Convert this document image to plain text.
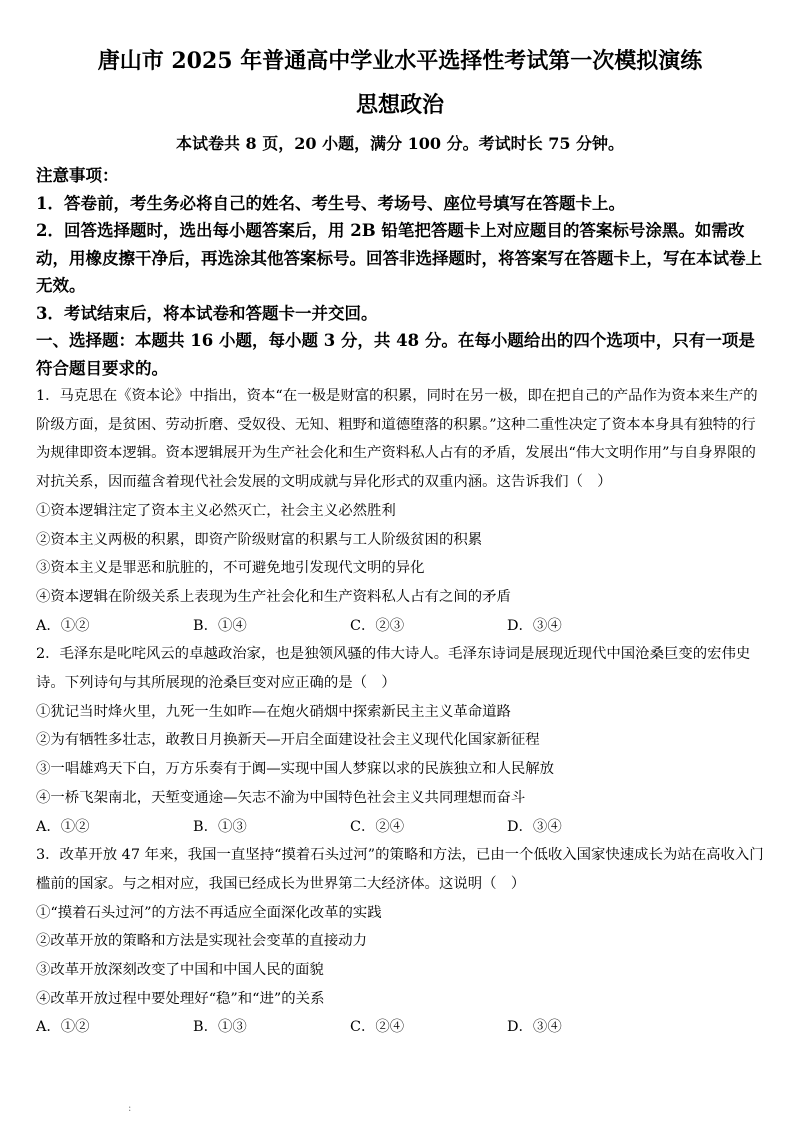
唐山市 2025 年普通高中学业水平选择性考试第一次模拟演练
思想政治

本试卷共 8 页，20 小题，满分 100 分。考试时长 75 分钟。

注意事项：

1．答卷前，考生务必将自己的姓名、考生号、考场号、座位号填写在答题卡上。

2．回答选择题时，选出每小题答案后，用 2B 铅笔把答题卡上对应题目的答案标号涂黑。如需改动，用橡皮擦干净后，再选涂其他答案标号。回答非选择题时，将答案写在答题卡上，写在本试卷上无效。

3．考试结束后，将本试卷和答题卡一并交回。

一、选择题：本题共 16 小题，每小题 3 分，共 48 分。在每小题给出的四个选项中，只有一项是符合题目要求的。

1．马克思在《资本论》中指出，资本“在一极是财富的积累，同时在另一极，即在把自己的产品作为资本来生产的阶级方面，是贫困、劳动折磨、受奴役、无知、粗野和道德堕落的积累。”这种二重性决定了资本本身具有独特的行为规律即资本逻辑。资本逻辑展开为生产社会化和生产资料私人占有的矛盾，发展出“伟大文明作用”与自身界限的对抗关系，因而蕴含着现代社会发展的文明成就与异化形式的双重内涵。这告诉我们（　）

①资本逻辑注定了资本主义必然灭亡，社会主义必然胜利

②资本主义两极的积累，即资产阶级财富的积累与工人阶级贫困的积累

③资本主义是罪恶和肮脏的，不可避免地引发现代文明的异化

④资本逻辑在阶级关系上表现为生产社会化和生产资料私人占有之间的矛盾

A．①②	B．①④	C．②③	D．③④

2．毛泽东是叱咤风云的卓越政治家，也是独领风骚的伟大诗人。毛泽东诗词是展现近现代中国沧桑巨变的宏伟史诗。下列诗句与其所展现的沧桑巨变对应正确的是（　）

①犹记当时烽火里，九死一生如昨—在炮火硝烟中探索新民主主义革命道路

②为有牺牲多壮志，敢教日月换新天—开启全面建设社会主义现代化国家新征程

③一唱雄鸡天下白，万方乐奏有于阗—实现中国人梦寐以求的民族独立和人民解放

④一桥飞架南北，天堑变通途—矢志不渝为中国特色社会主义共同理想而奋斗

A．①②	B．①③	C．②④	D．③④

3．改革开放 47 年来，我国一直坚持“摸着石头过河”的策略和方法，已由一个低收入国家快速成长为站在高收入门槛前的国家。与之相对应，我国已经成长为世界第二大经济体。这说明（　）

①“摸着石头过河”的方法不再适应全面深化改革的实践

②改革开放的策略和方法是实现社会变革的直接动力

③改革开放深刻改变了中国和中国人民的面貌

④改革开放过程中要处理好“稳”和“进”的关系

A．①②	B．①③	C．②④	D．③④
:
